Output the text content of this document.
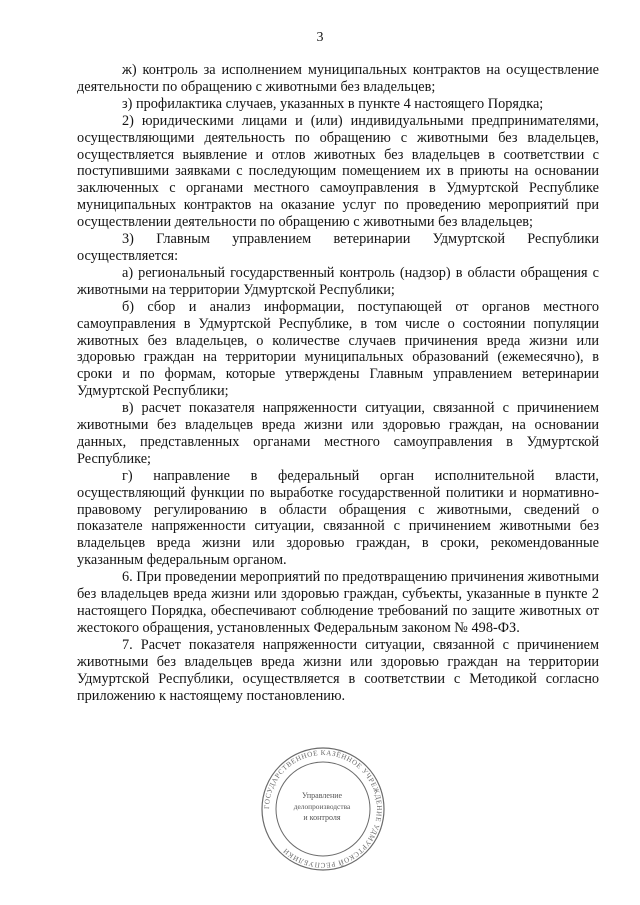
3

ж) контроль за исполнением муниципальных контрактов на осуществление деятельности по обращению с животными без владельцев;

з) профилактика случаев, указанных в пункте 4 настоящего Порядка;

2) юридическими лицами и (или) индивидуальными предпринимателями, осуществляющими деятельность по обращению с животными без владельцев, осуществляется выявление и отлов животных без владельцев в соответствии с поступившими заявками с последующим помещением их в приюты на основании заключенных с органами местного самоуправления в Удмуртской Республике муниципальных контрактов на оказание услуг по проведению мероприятий при осуществлении деятельности по обращению с животными без владельцев;

3) Главным управлением ветеринарии Удмуртской Республики осуществляется:

а) региональный государственный контроль (надзор) в области обращения с животными на территории Удмуртской Республики;

б) сбор и анализ информации, поступающей от органов местного самоуправления в Удмуртской Республике, в том числе о состоянии популяции животных без владельцев, о количестве случаев причинения вреда жизни или здоровью граждан на территории муниципальных образований (ежемесячно), в сроки и по формам, которые утверждены Главным управлением ветеринарии Удмуртской Республики;

в) расчет показателя напряженности ситуации, связанной с причинением животными без владельцев вреда жизни или здоровью граждан, на основании данных, представленных органами местного самоуправления в Удмуртской Республике;

г) направление в федеральный орган исполнительной власти, осуществляющий функции по выработке государственной политики и нормативно-правовому регулированию в области обращения с животными, сведений о показателе напряженности ситуации, связанной с причинением животными без владельцев вреда жизни или здоровью граждан, в сроки, рекомендованные указанным федеральным органом.

6. При проведении мероприятий по предотвращению причинения животными без владельцев вреда жизни или здоровью граждан, субъекты, указанные в пункте 2 настоящего Порядка, обеспечивают соблюдение требований по защите животных от жестокого обращения, установленных Федеральным законом № 498-ФЗ.

7. Расчет показателя напряженности ситуации, связанной с причинением животными без владельцев вреда жизни или здоровью граждан на территории Удмуртской Республики, осуществляется в соответствии с Методикой согласно приложению к настоящему постановлению.

ГОСУДАРСТВЕННОЕ КАЗЁННОЕ УЧРЕЖДЕНИЕ УДМУРТСКОЙ РЕСПУБЛИКИ
Управление
делопроизводства
и контроля
